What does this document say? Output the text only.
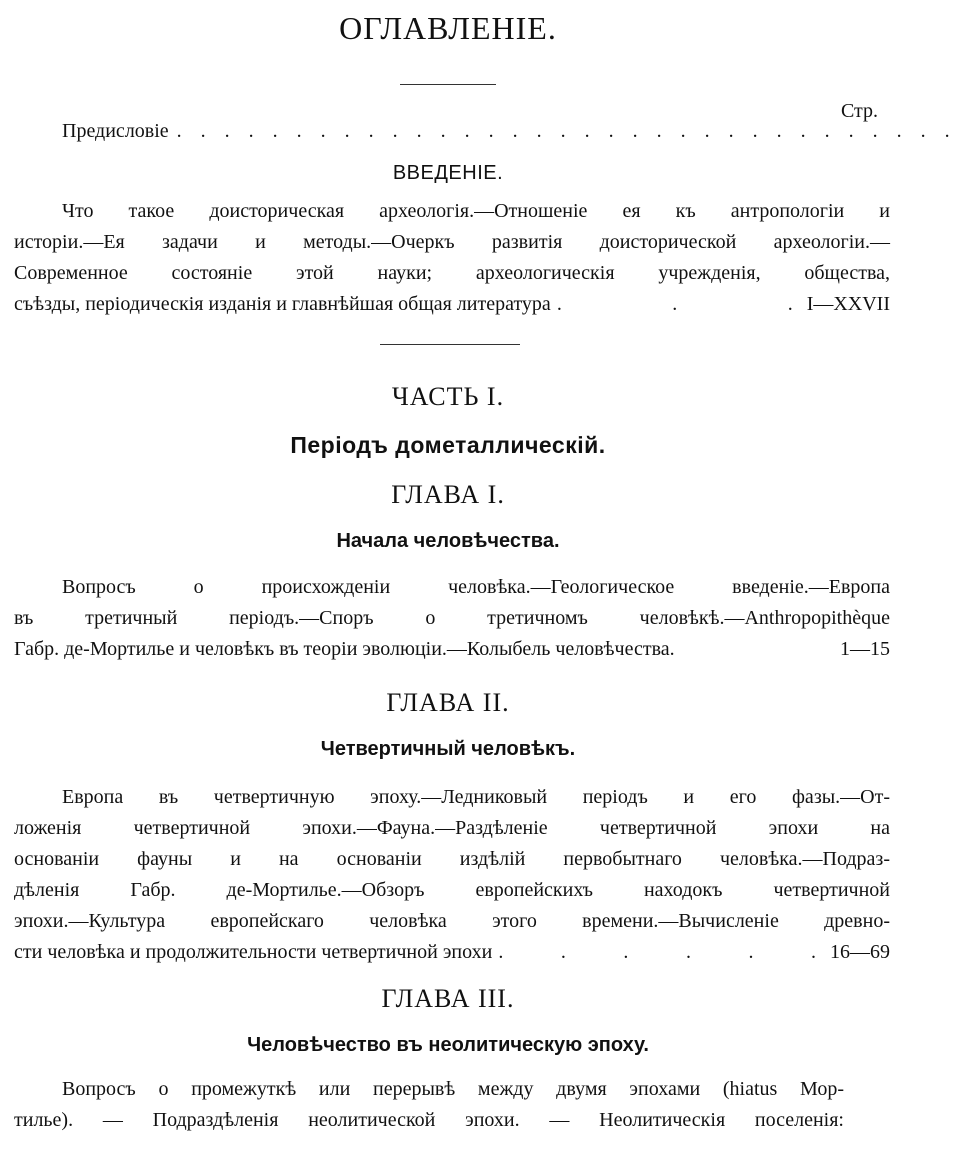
ОГЛАВЛЕНІЕ.
Стр.
Предисловіе . . . . . . . . . . . . . . . . . . . . . . . . . . . . . . . . .
ВВЕДЕНІЕ.
Что такое доисторическая археологія.—Отношеніе ея къ антропологіи и
исторіи.—Ея задачи и методы.—Очеркъ развитія доисторической археологіи.—
Современное состояніе этой науки; археологическія учрежденія, общества,
съѣзды, періодическія изданія и главнѣйшая общая литература . . . I—XXVII
ЧАСТЬ I.
Періодъ дометаллическій.
ГЛАВА I.
Начала человѣчества.
Вопросъ о происхожденіи человѣка.—Геологическое введеніе.—Европа
въ третичный періодъ.—Споръ о третичномъ человѣкѣ.—Anthropopithèque
Габр. де-Мортилье и человѣкъ въ теоріи эволюціи.—Колыбель человѣчества.	1—15
ГЛАВА II.
Четвертичный человѣкъ.
Европа въ четвертичную эпоху.—Ледниковый періодъ и его фазы.—От-
ложенія четвертичной эпохи.—Фауна.—Раздѣленіе четвертичной эпохи на
основаніи фауны и на основаніи издѣлій первобытнаго человѣка.—Подраз-
дѣленія Габр. де-Мортилье.—Обзоръ европейскихъ находокъ четвертичной
эпохи.—Культура европейскаго человѣка этого времени.—Вычисленіе древно-
сти человѣка и продолжительности четвертичной эпохи . . . . . . 16—69
ГЛАВА III.
Человѣчество въ неолитическую эпоху.
Вопросъ о промежуткѣ или перерывѣ между двумя эпохами (hiatus Мор-
тилье). — Подраздѣленія неолитической эпохи. — Неолитическія поселенія:
